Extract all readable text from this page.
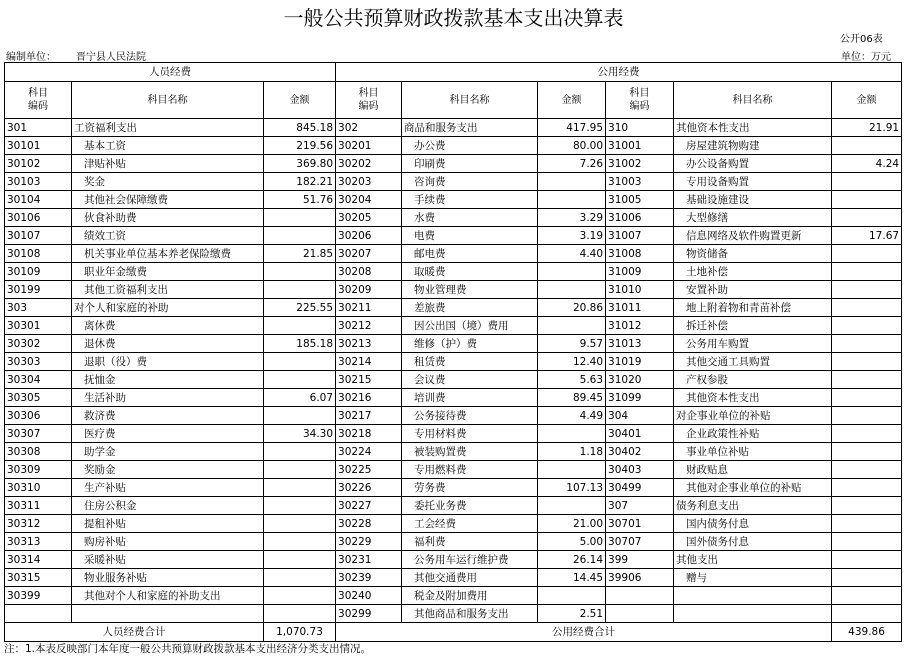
一般公共预算财政拨款基本支出决算表
公开06表
编制单位： 晋宁县人民法院	单位：万元
人员经费			公用经费					
科目
编码	科目名称	金额	科目
编码	科目名称	金额	科目
编码	科目名称	金额
301	工资福利支出	845.18	302	商品和服务支出	417.95	310	其他资本性支出	21.91
30101	基本工资	219.56	30201	办公费	80.00	31001	房屋建筑物购建	
30102	津贴补贴	369.80	30202	印刷费	7.26	31002	办公设备购置	4.24
30103	奖金	182.21	30203	咨询费		31003	专用设备购置	
30104	其他社会保障缴费	51.76	30204	手续费		31005	基础设施建设	
30106	伙食补助费		30205	水费	3.29	31006	大型修缮	
30107	绩效工资		30206	电费	3.19	31007	信息网络及软件购置更新	17.67
30108	机关事业单位基本养老保险缴费	21.85	30207	邮电费	4.40	31008	物资储备	
30109	职业年金缴费		30208	取暖费		31009	土地补偿	
30199	其他工资福利支出		30209	物业管理费		31010	安置补助	
303	对个人和家庭的补助	225.55	30211	差旅费	20.86	31011	地上附着物和青苗补偿	
30301	离休费		30212	因公出国（境）费用		31012	拆迁补偿	
30302	退休费	185.18	30213	维修（护）费	9.57	31013	公务用车购置	
30303	退职（役）费		30214	租赁费	12.40	31019	其他交通工具购置	
30304	抚恤金		30215	会议费	5.63	31020	产权参股	
30305	生活补助	6.07	30216	培训费	89.45	31099	其他资本性支出	
30306	救济费		30217	公务接待费	4.49	304	对企事业单位的补贴	
30307	医疗费	34.30	30218	专用材料费		30401	企业政策性补贴	
30308	助学金		30224	被装购置费	1.18	30402	事业单位补贴	
30309	奖励金		30225	专用燃料费		30403	财政贴息	
30310	生产补贴		30226	劳务费	107.13	30499	其他对企事业单位的补贴	
30311	住房公积金		30227	委托业务费		307	债务利息支出	
30312	提租补贴		30228	工会经费	21.00	30701	国内债务付息	
30313	购房补贴		30229	福利费	5.00	30707	国外债务付息	
30314	采暖补贴		30231	公务用车运行维护费	26.14	399	其他支出	
30315	物业服务补贴		30239	其他交通费用	14.45	39906	赠与	
30399	其他对个人和家庭的补助支出		30240	税金及附加费用				
			30299	其他商品和服务支出	2.51			
人员经费合计		1,070.73	公用经费合计					439.86
注：1.本表反映部门本年度一般公共预算财政拨款基本支出经济分类支出情况。
